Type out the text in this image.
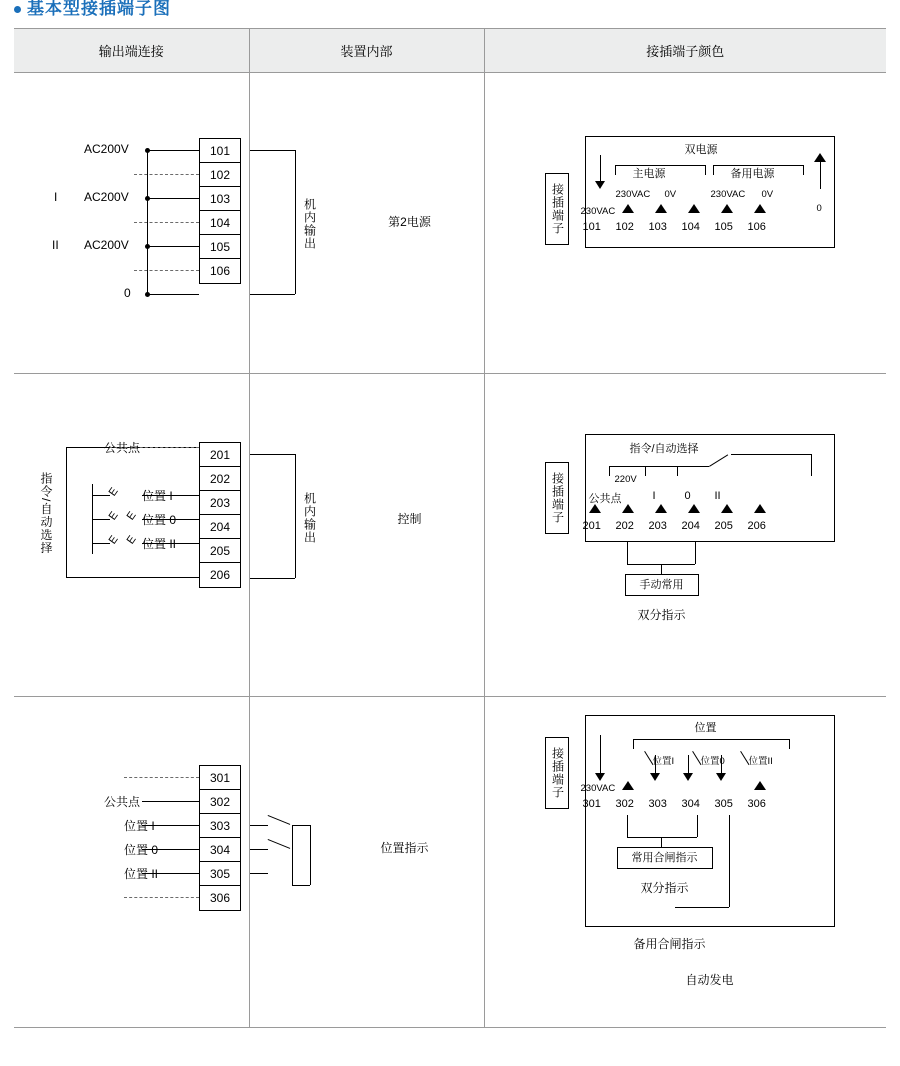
基本型接插端子图
输出端连接	装置内部	接插端子颜色

101
102
103
104
105
106
AC200V
I AC200V
II AC200V
0

机内输出	第2电源	接插端子
双电源
主电源	备用电源
230VAC 0V	230VAC 0V
230VAC	0
101 102 103 104 105 106

201
202
203
204
205
206
E
E
E
E
E
公共点
位置 I
位置 0
位置 II
指令/自动选择	机内输出	控制	接插端子
指令/自动选择
220V
公共点	I	0 II
201 202 203 204 205 206
手动常用
双分指示

301
302
303
304
305
306
公共点
位置 I
位置 0
位置 II

位置指示

接插端子
位置
位置I	位置0 位置II
230VAC
301 302 303 304 305 306
常用合闸指示
双分指示
备用合闸指示
自动发电
